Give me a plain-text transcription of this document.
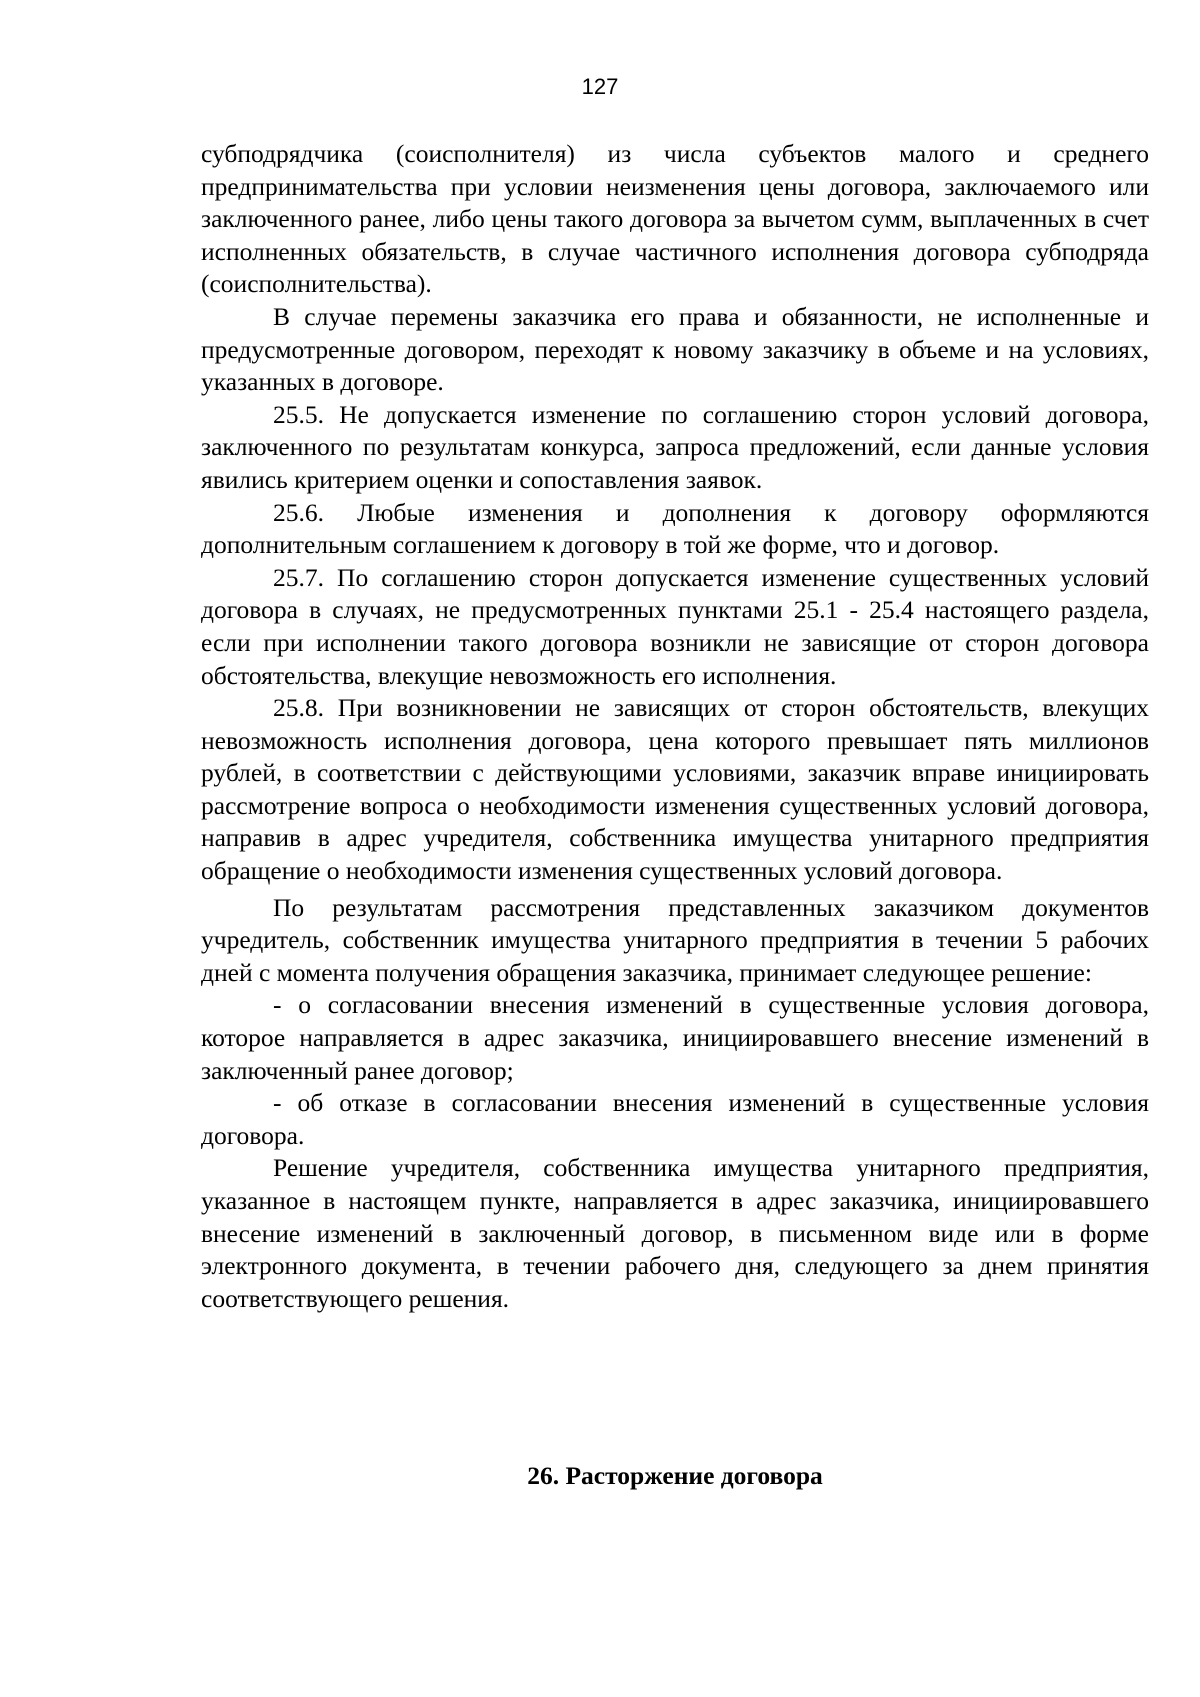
127

субподрядчика (соисполнителя) из числа субъектов малого и среднего предпринимательства при условии неизменения цены договора, заключаемого или заключенного ранее, либо цены такого договора за вычетом сумм, выплаченных в счет исполненных обязательств, в случае частичного исполнения договора субподряда (соисполнительства).

В случае перемены заказчика его права и обязанности, не исполненные и предусмотренные договором, переходят к новому заказчику в объеме и на условиях, указанных в договоре.

25.5. Не допускается изменение по соглашению сторон условий договора, заключенного по результатам конкурса, запроса предложений, если данные условия явились критерием оценки и сопоставления заявок.

25.6. Любые изменения и дополнения к договору оформляются дополнительным соглашением к договору в той же форме, что и договор.

25.7. По соглашению сторон допускается изменение существенных условий договора в случаях, не предусмотренных пунктами 25.1 - 25.4 настоящего раздела, если при исполнении такого договора возникли не зависящие от сторон договора обстоятельства, влекущие невозможность его исполнения.

25.8. При возникновении не зависящих от сторон обстоятельств, влекущих невозможность исполнения договора, цена которого превышает пять миллионов рублей, в соответствии с действующими условиями, заказчик вправе инициировать рассмотрение вопроса о необходимости изменения существенных условий договора, направив в адрес учредителя, собственника имущества унитарного предприятия обращение о необходимости изменения существенных условий договора.

По результатам рассмотрения представленных заказчиком документов учредитель, собственник имущества унитарного предприятия в течении 5 рабочих дней с момента получения обращения заказчика, принимает следующее решение:

- о согласовании внесения изменений в существенные условия договора, которое направляется в адрес заказчика, инициировавшего внесение изменений в заключенный ранее договор;

- об отказе в согласовании внесения изменений в существенные условия договора.

Решение учредителя, собственника имущества унитарного предприятия, указанное в настоящем пункте, направляется в адрес заказчика, инициировавшего внесение изменений в заключенный договор, в письменном виде или в форме электронного документа, в течении рабочего дня, следующего за днем принятия соответствующего решения.

26. Расторжение договора
